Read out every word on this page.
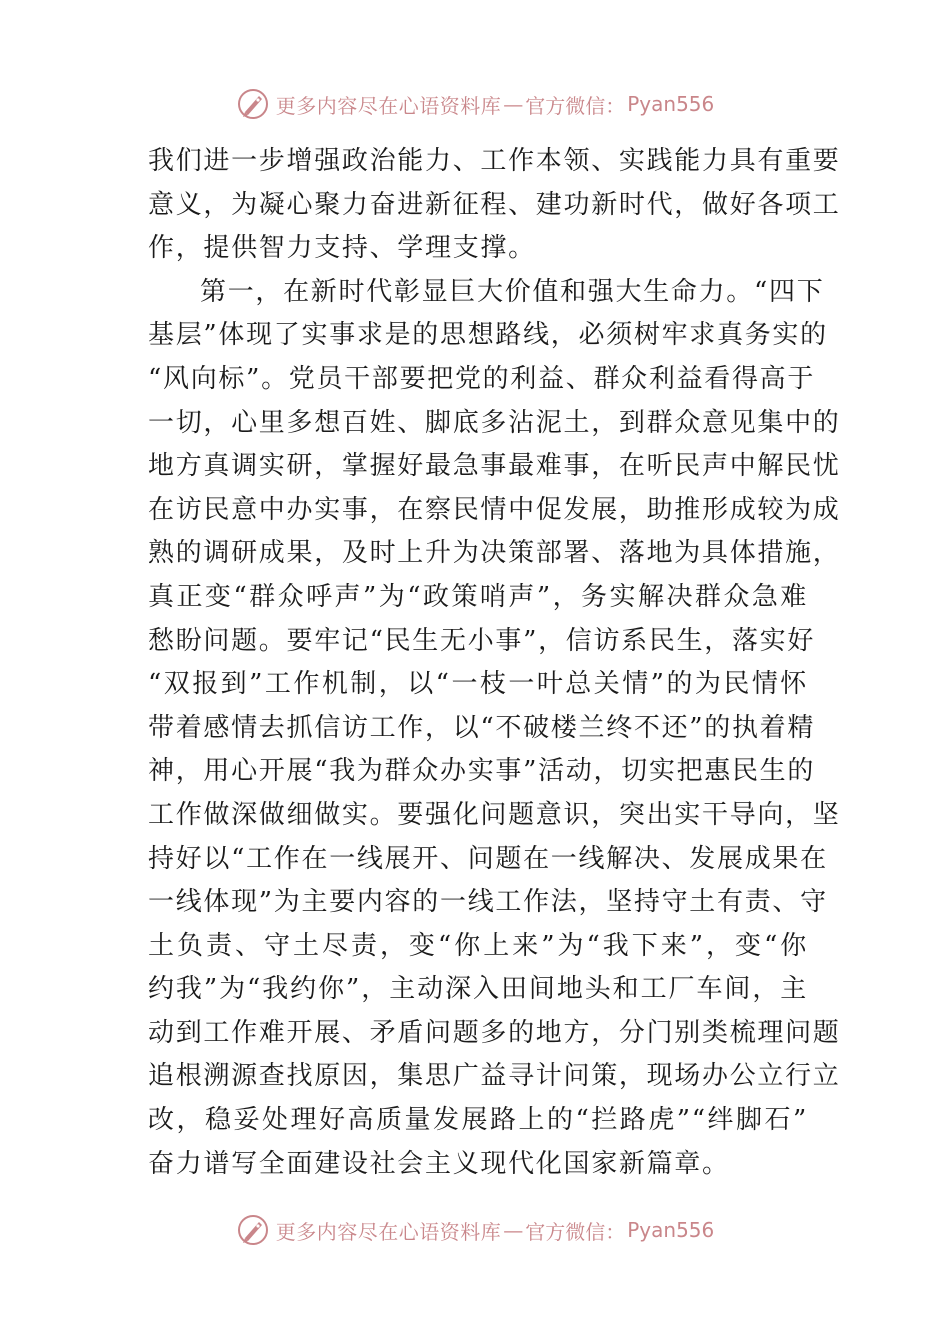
更多内容尽在心语资料库 — 官方微信： Pyan556
我们进一步增强政治能力、工作本领、实践能力具有重要
意义，为凝心聚力奋进新征程、建功新时代，做好各项工
作，提供智力支持、学理支撑。
第一，在新时代彰显巨大价值和强大生命力。“四下
基层”体现了实事求是的思想路线，必须树牢求真务实的
“风向标”。党员干部要把党的利益、群众利益看得高于
一切，心里多想百姓、脚底多沾泥土，到群众意见集中的
地方真调实研，掌握好最急事最难事，在听民声中解民忧
在访民意中办实事，在察民情中促发展，助推形成较为成
熟的调研成果，及时上升为决策部署、落地为具体措施，
真正变“群众呼声”为“政策哨声”，务实解决群众急难
愁盼问题。要牢记“民生无小事”，信访系民生，落实好
“双报到”工作机制，以“一枝一叶总关情”的为民情怀
带着感情去抓信访工作，以“不破楼兰终不还”的执着精
神，用心开展“我为群众办实事”活动，切实把惠民生的
工作做深做细做实。要强化问题意识，突出实干导向，坚
持好以“工作在一线展开、问题在一线解决、发展成果在
一线体现”为主要内容的一线工作法，坚持守土有责、守
土负责、守土尽责，变“你上来”为“我下来”，变“你
约我”为“我约你”，主动深入田间地头和工厂车间，主
动到工作难开展、矛盾问题多的地方，分门别类梳理问题
追根溯源查找原因，集思广益寻计问策，现场办公立行立
改，稳妥处理好高质量发展路上的“拦路虎”“绊脚石”
奋力谱写全面建设社会主义现代化国家新篇章。
更多内容尽在心语资料库 — 官方微信： Pyan556
